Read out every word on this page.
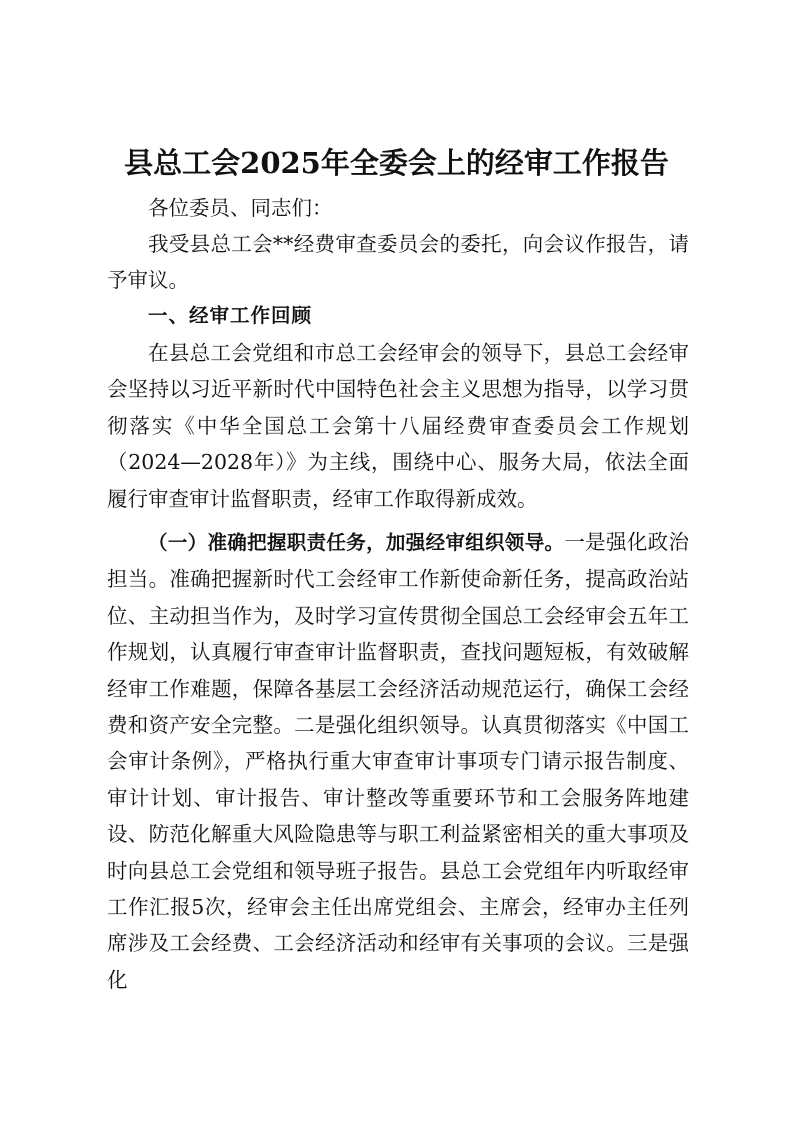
县总工会2025年全委会上的经审工作报告

各位委员、同志们：

我受县总工会**经费审查委员会的委托，向会议作报告，请予审议。

一、经审工作回顾

在县总工会党组和市总工会经审会的领导下，县总工会经审会坚持以习近平新时代中国特色社会主义思想为指导，以学习贯彻落实《中华全国总工会第十八届经费审查委员会工作规划（2024—2028年）》为主线，围绕中心、服务大局，依法全面履行审查审计监督职责，经审工作取得新成效。

（一）准确把握职责任务，加强经审组织领导。一是强化政治担当。准确把握新时代工会经审工作新使命新任务，提高政治站位、主动担当作为，及时学习宣传贯彻全国总工会经审会五年工作规划，认真履行审查审计监督职责，查找问题短板，有效破解经审工作难题，保障各基层工会经济活动规范运行，确保工会经费和资产安全完整。二是强化组织领导。认真贯彻落实《中国工会审计条例》，严格执行重大审查审计事项专门请示报告制度、审计计划、审计报告、审计整改等重要环节和工会服务阵地建设、防范化解重大风险隐患等与职工利益紧密相关的重大事项及时向县总工会党组和领导班子报告。县总工会党组年内听取经审工作汇报5次，经审会主任出席党组会、主席会，经审办主任列席涉及工会经费、工会经济活动和经审有关事项的会议。三是强化
